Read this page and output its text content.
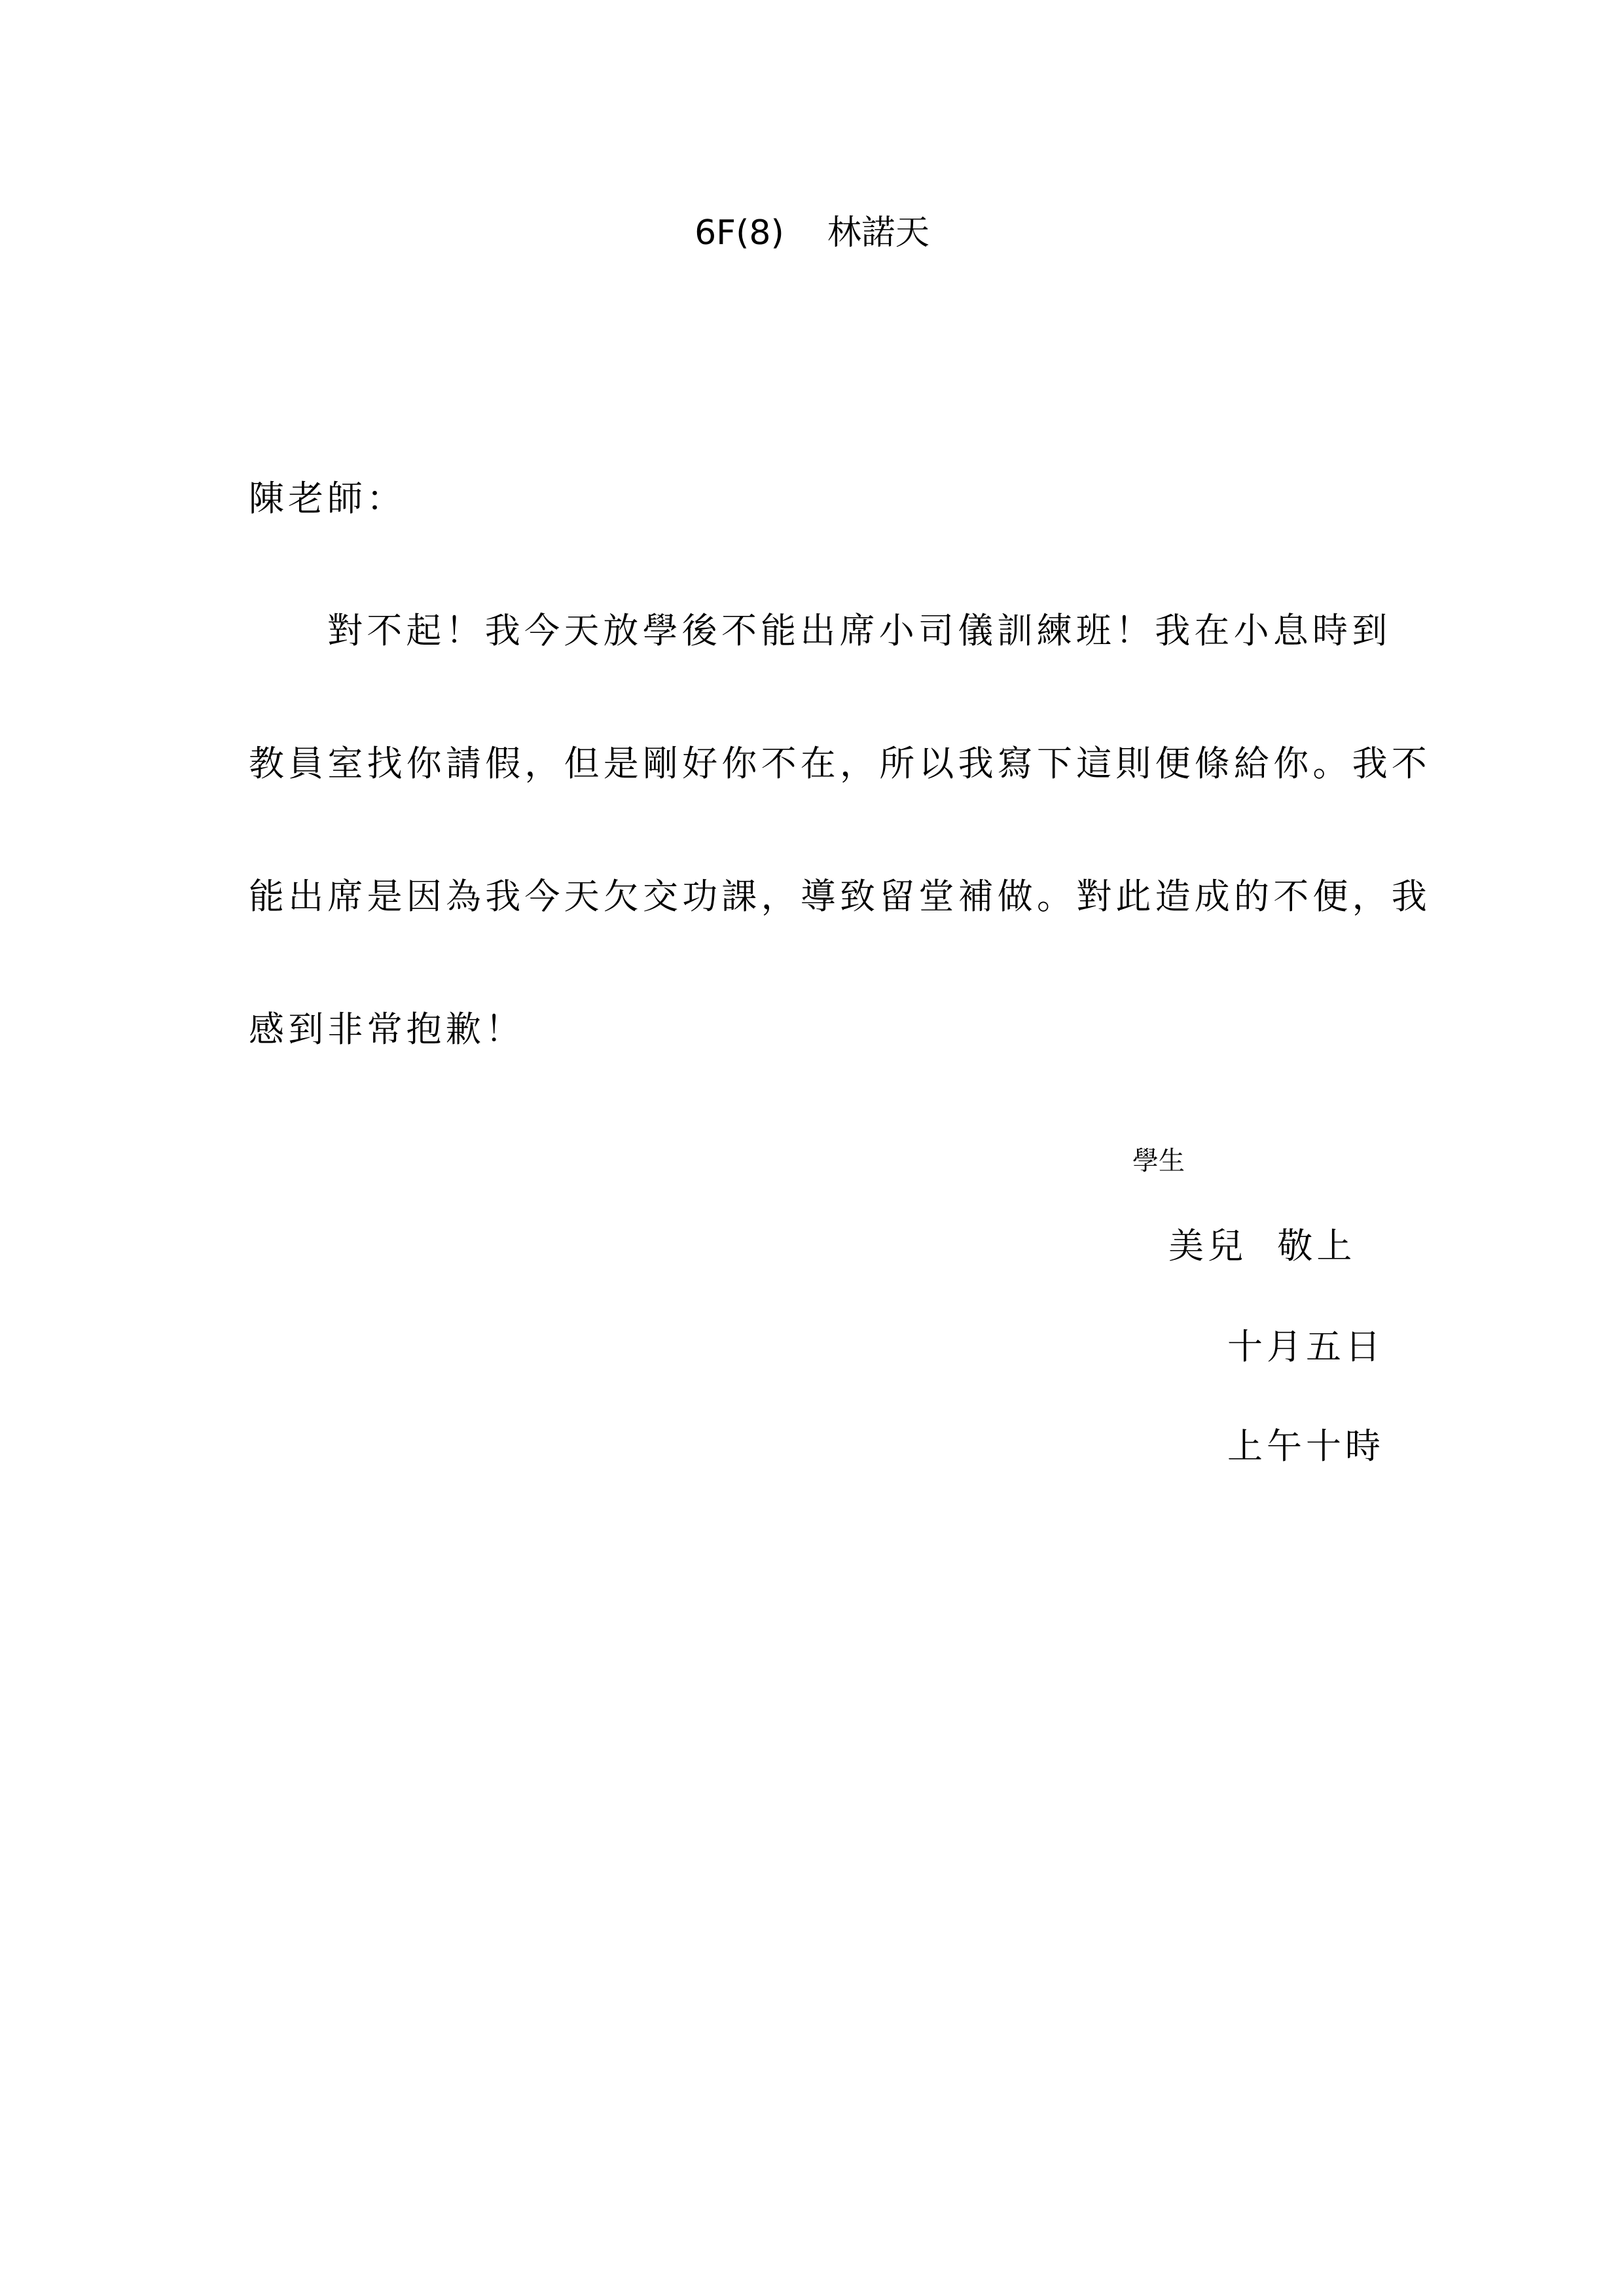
6F(8) 林諾天
陳老師：
對不起！我今天放學後不能出席小司儀訓練班！我在小息時到
教員室找你請假，但是剛好你不在，所以我寫下這則便條給你。我不
能出席是因為我今天欠交功課，導致留堂補做。對此造成的不便，我
感到非常抱歉！
學生
美兒 敬上
十月五日
上午十時
